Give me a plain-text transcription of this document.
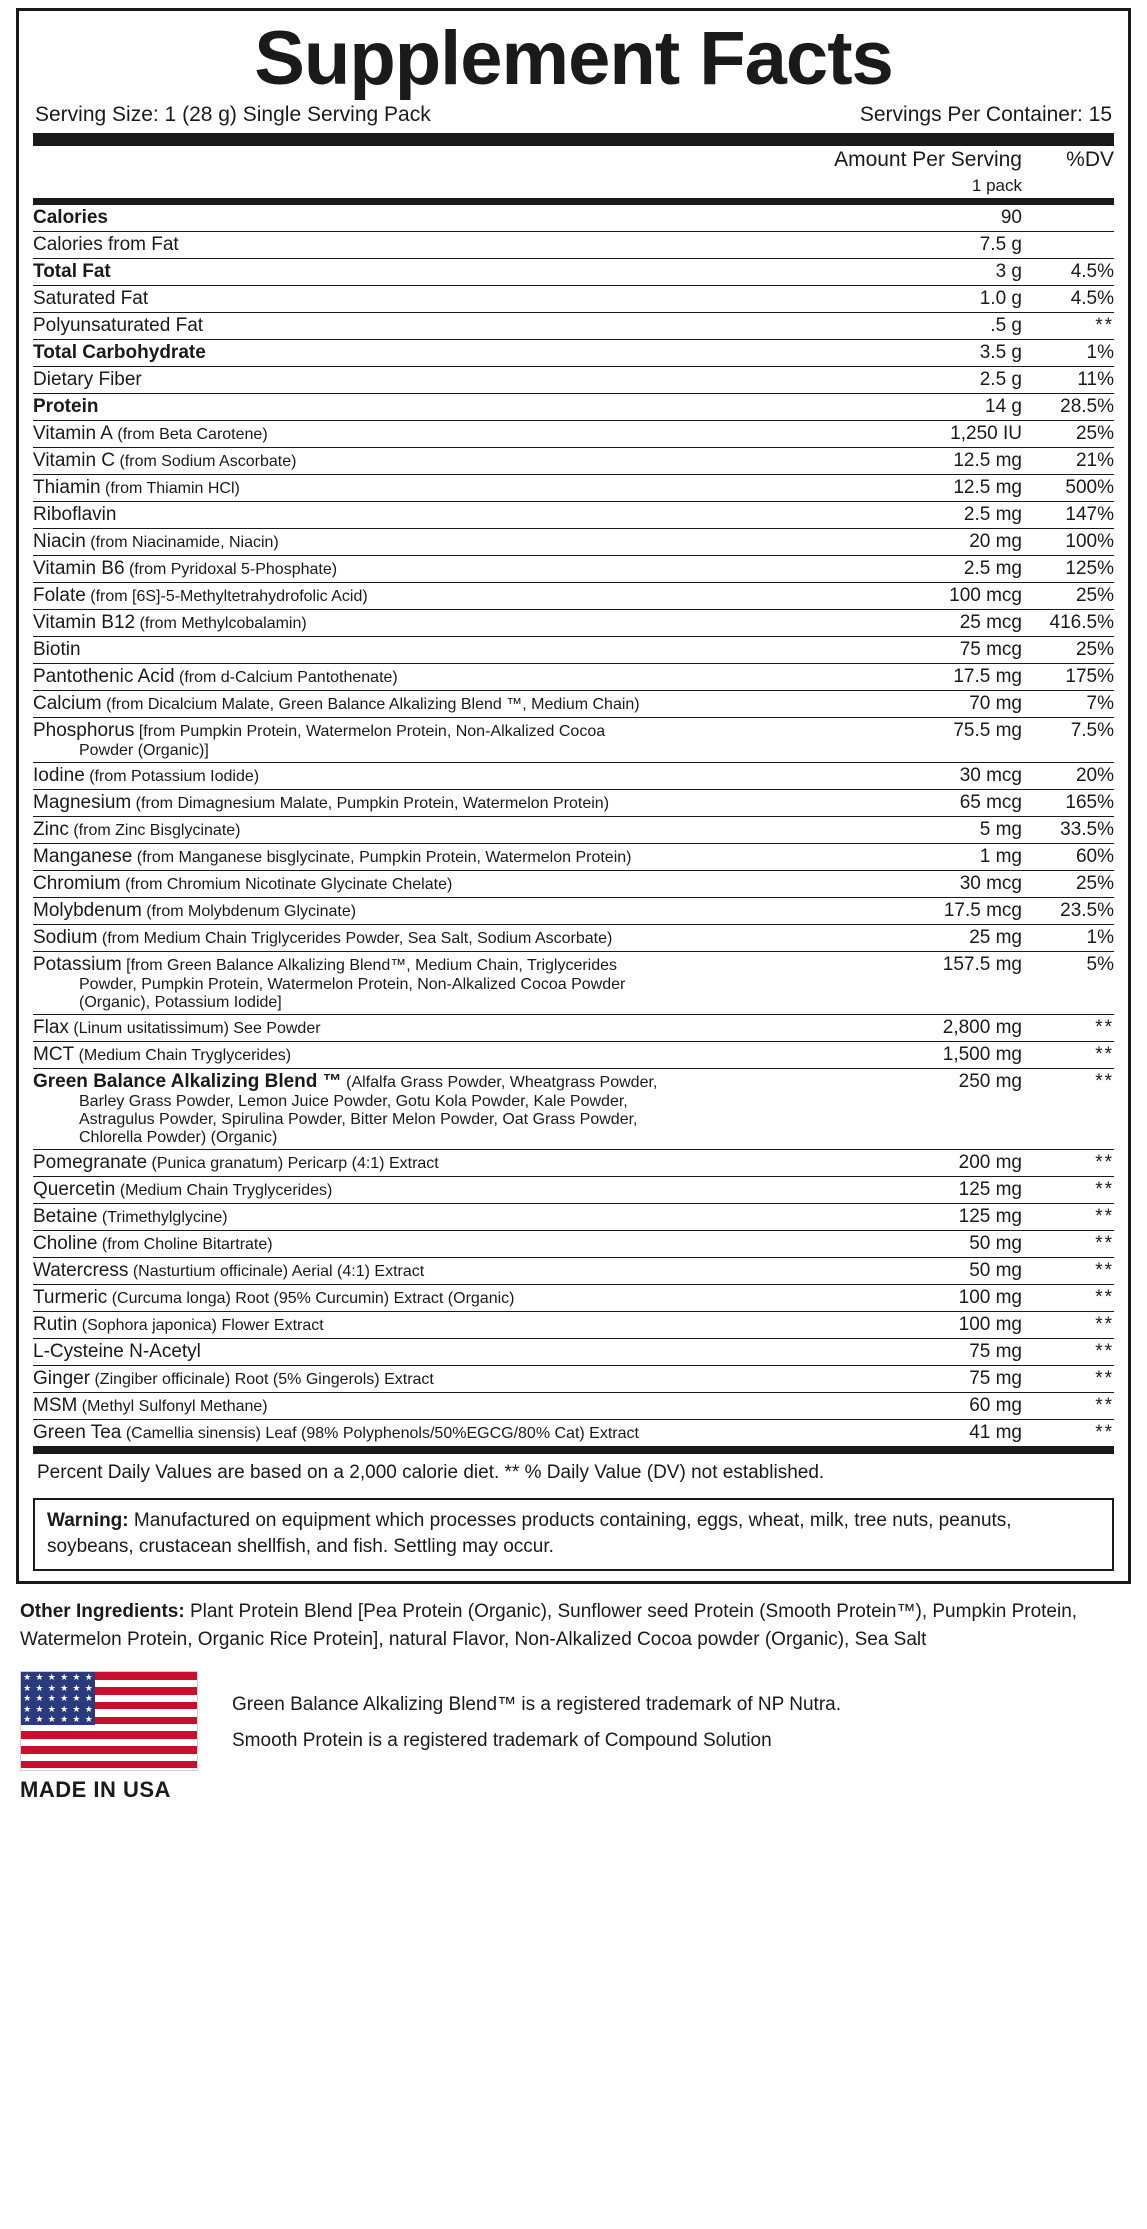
Supplement Facts
Serving Size: 1 (28 g) Single Serving Pack	Servings Per Container: 15
	Amount Per Serving	%DV
	1 pack	
Calories	90	
Calories from Fat	7.5 g	
Total Fat	3 g	4.5%
Saturated Fat	1.0 g	4.5%
Polyunsaturated Fat	.5 g	**
Total Carbohydrate	3.5 g	1%
Dietary Fiber	2.5 g	11%
Protein	14 g	28.5%
Vitamin A (from Beta Carotene)	1,250 IU	25%
Vitamin C (from Sodium Ascorbate)	12.5 mg	21%
Thiamin (from Thiamin HCl)	12.5 mg	500%
Riboflavin	2.5 mg	147%
Niacin (from Niacinamide, Niacin)	20 mg	100%
Vitamin B6 (from Pyridoxal 5-Phosphate)	2.5 mg	125%
Folate (from [6S]-5-Methyltetrahydrofolic Acid)	100 mcg	25%
Vitamin B12 (from Methylcobalamin)	25 mcg	416.5%
Biotin	75 mcg	25%
Pantothenic Acid (from d-Calcium Pantothenate)	17.5 mg	175%
Calcium (from Dicalcium Malate, Green Balance Alkalizing Blend ™, Medium Chain)	70 mg	7%
Phosphorus [from Pumpkin Protein, Watermelon Protein, Non-Alkalized Cocoa
Powder (Organic)]	75.5 mg	7.5%
Iodine (from Potassium Iodide)	30 mcg	20%
Magnesium (from Dimagnesium Malate, Pumpkin Protein, Watermelon Protein)	65 mcg	165%
Zinc (from Zinc Bisglycinate)	5 mg	33.5%
Manganese (from Manganese bisglycinate, Pumpkin Protein, Watermelon Protein)	1 mg	60%
Chromium (from Chromium Nicotinate Glycinate Chelate)	30 mcg	25%
Molybdenum (from Molybdenum Glycinate)	17.5 mcg	23.5%
Sodium (from Medium Chain Triglycerides Powder, Sea Salt, Sodium Ascorbate)	25 mg	1%
Potassium [from Green Balance Alkalizing Blend™, Medium Chain, Triglycerides
Powder, Pumpkin Protein, Watermelon Protein, Non-Alkalized Cocoa Powder
(Organic), Potassium Iodide]	157.5 mg	5%
Flax (Linum usitatissimum) See Powder	2,800 mg	**
MCT (Medium Chain Tryglycerides)	1,500 mg	**
Green Balance Alkalizing Blend ™ (Alfalfa Grass Powder, Wheatgrass Powder,
Barley Grass Powder, Lemon Juice Powder, Gotu Kola Powder, Kale Powder,
Astragulus Powder, Spirulina Powder, Bitter Melon Powder, Oat Grass Powder,
Chlorella Powder) (Organic)	250 mg	**
Pomegranate (Punica granatum) Pericarp (4:1) Extract	200 mg	**
Quercetin (Medium Chain Tryglycerides)	125 mg	**
Betaine (Trimethylglycine)	125 mg	**
Choline (from Choline Bitartrate)	50 mg	**
Watercress (Nasturtium officinale) Aerial (4:1) Extract	50 mg	**
Turmeric (Curcuma longa) Root (95% Curcumin) Extract (Organic)	100 mg	**
Rutin (Sophora japonica) Flower Extract	100 mg	**
L-Cysteine N-Acetyl	75 mg	**
Ginger (Zingiber officinale) Root (5% Gingerols) Extract	75 mg	**
MSM (Methyl Sulfonyl Methane)	60 mg	**
Green Tea (Camellia sinensis) Leaf (98% Polyphenols/50%EGCG/80% Cat) Extract	41 mg	**
Percent Daily Values are based on a 2,000 calorie diet. ** % Daily Value (DV) not established.
Warning: Manufactured on equipment which processes products containing, eggs, wheat, milk, tree nuts, peanuts, soybeans, crustacean shellfish, and fish. Settling may occur.
Other Ingredients: Plant Protein Blend [Pea Protein (Organic), Sunflower seed Protein (Smooth Protein™), Pumpkin Protein, Watermelon Protein, Organic Rice Protein], natural Flavor, Non-Alkalized Cocoa powder (Organic), Sea Salt
★ ★ ★ ★ ★ ★
★ ★ ★ ★ ★ ★
★ ★ ★ ★ ★ ★
★ ★ ★ ★ ★ ★
★ ★ ★ ★ ★ ★
MADE IN USA
Green Balance Alkalizing Blend™ is a registered trademark of NP Nutra.
Smooth Protein is a registered trademark of Compound Solution
